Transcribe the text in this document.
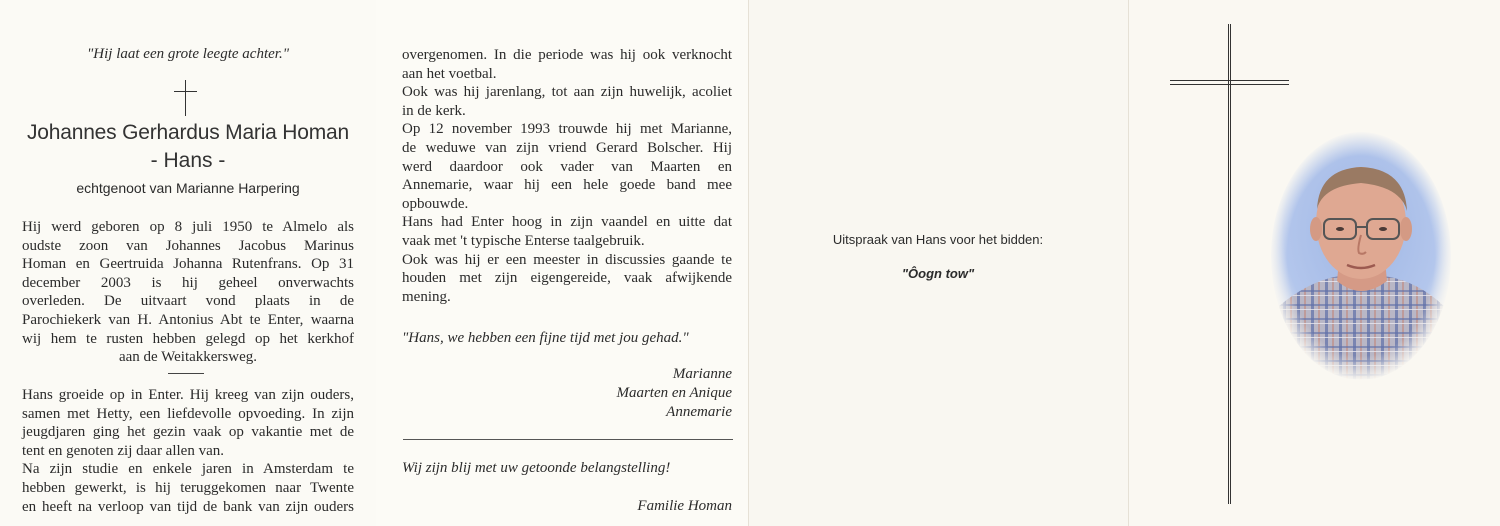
"Hij laat een grote leegte achter."
Johannes Gerhardus Maria Homan
- Hans -
echtgenoot van Marianne Harpering

Hij werd geboren op 8 juli 1950 te Almelo als

oudste zoon van Johannes Jacobus Marinus

Homan en Geertruida Johanna Rutenfrans. Op 31

december 2003 is hij geheel onverwachts

overleden. De uitvaart vond plaats in de

Parochiekerk van H. Antonius Abt te Enter, waarna

wij hem te rusten hebben gelegd op het kerkhof

aan de Weitakkersweg.

Hans groeide op in Enter. Hij kreeg van zijn ouders,

samen met Hetty, een liefdevolle opvoeding. In zijn

jeugdjaren ging het gezin vaak op vakantie met de

tent en genoten zij daar allen van.

Na zijn studie en enkele jaren in Amsterdam te

hebben gewerkt, is hij teruggekomen naar Twente

en heeft na verloop van tijd de bank van zijn ouders

overgenomen. In die periode was hij ook verknocht

aan het voetbal.

Ook was hij jarenlang, tot aan zijn huwelijk, acoliet

in de kerk.

Op 12 november 1993 trouwde hij met Marianne,

de weduwe van zijn vriend Gerard Bolscher. Hij

werd daardoor ook vader van Maarten en

Annemarie, waar hij een hele goede band mee

opbouwde.

Hans had Enter hoog in zijn vaandel en uitte dat

vaak met 't typische Enterse taalgebruik.

Ook was hij er een meester in discussies gaande te

houden met zijn eigengereide, vaak afwijkende

mening.

"Hans, we hebben een fijne tijd met jou gehad."
Marianne
Maarten en Anique
Annemarie
Wij zijn blij met uw getoonde belangstelling!
Familie Homan
Uitspraak van Hans voor het bidden:
"Ôogn tow"
